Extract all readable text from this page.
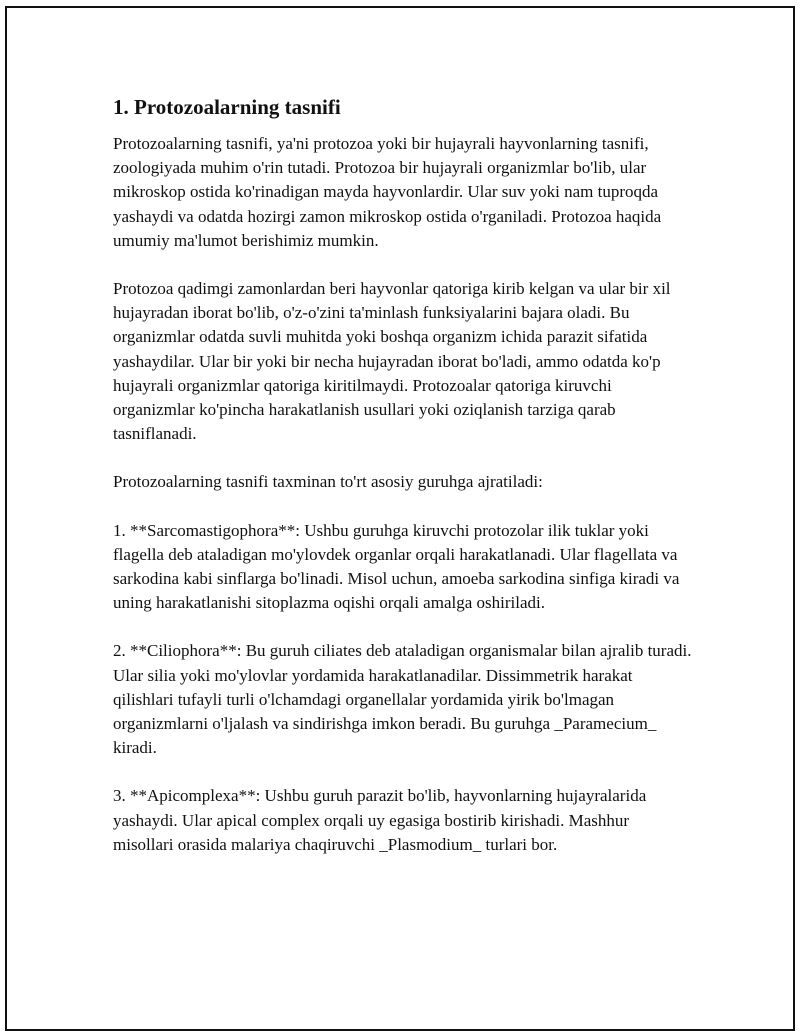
1. Protozoalarning tasnifi

Protozoalarning tasnifi, ya'ni protozoa yoki bir hujayrali hayvonlarning tasnifi, zoologiyada muhim o'rin tutadi. Protozoa bir hujayrali organizmlar bo'lib, ular mikroskop ostida ko'rinadigan mayda hayvonlardir. Ular suv yoki nam tuproqda yashaydi va odatda hozirgi zamon mikroskop ostida o'rganiladi. Protozoa haqida umumiy ma'lumot berishimiz mumkin.

Protozoa qadimgi zamonlardan beri hayvonlar qatoriga kirib kelgan va ular bir xil hujayradan iborat bo'lib, o'z-o'zini ta'minlash funksiyalarini bajara oladi. Bu organizmlar odatda suvli muhitda yoki boshqa organizm ichida parazit sifatida yashaydilar. Ular bir yoki bir necha hujayradan iborat bo'ladi, ammo odatda ko'p hujayrali organizmlar qatoriga kiritilmaydi. Protozoalar qatoriga kiruvchi organizmlar ko'pincha harakatlanish usullari yoki oziqlanish tarziga qarab tasniflanadi.

Protozoalarning tasnifi taxminan to'rt asosiy guruhga ajratiladi:

1. **Sarcomastigophora**: Ushbu guruhga kiruvchi protozolar ilik tuklar yoki flagella deb ataladigan mo'ylovdek organlar orqali harakatlanadi. Ular flagellata va sarkodina kabi sinflarga bo'linadi. Misol uchun, amoeba sarkodina sinfiga kiradi va uning harakatlanishi sitoplazma oqishi orqali amalga oshiriladi.

2. **Ciliophora**: Bu guruh ciliates deb ataladigan organismalar bilan ajralib turadi. Ular silia yoki mo'ylovlar yordamida harakatlanadilar. Dissimmetrik harakat qilishlari tufayli turli o'lchamdagi organellalar yordamida yirik bo'lmagan organizmlarni o'ljalash va sindirishga imkon beradi. Bu guruhga _Paramecium_ kiradi.

3. **Apicomplexa**: Ushbu guruh parazit bo'lib, hayvonlarning hujayralarida yashaydi. Ular apical complex orqali uy egasiga bostirib kirishadi. Mashhur misollari orasida malariya chaqiruvchi _Plasmodium_ turlari bor.
